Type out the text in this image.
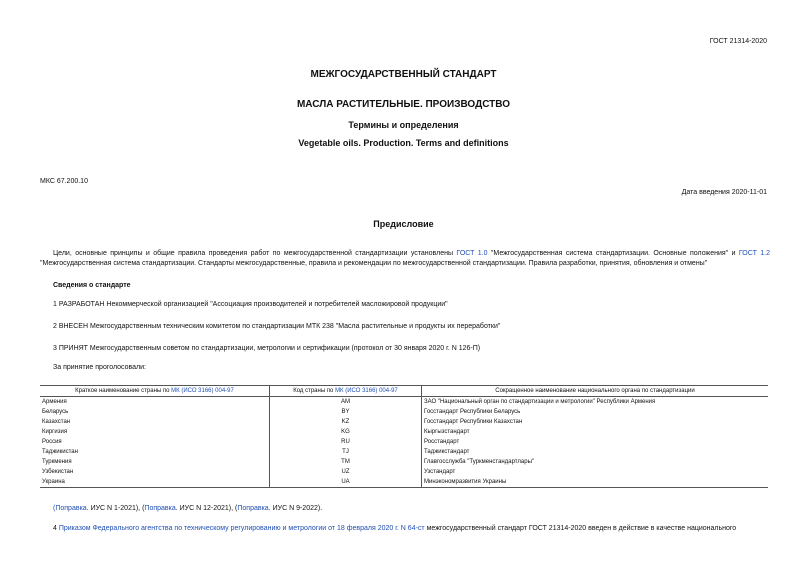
ГОСТ 21314-2020
МЕЖГОСУДАРСТВЕННЫЙ СТАНДАРТ
МАСЛА РАСТИТЕЛЬНЫЕ. ПРОИЗВОДСТВО
Термины и определения
Vegetable oils. Production. Terms and definitions
МКС 67.200.10
Дата введения 2020-11-01
Предисловие
Цели, основные принципы и общие правила проведения работ по межгосударственной стандартизации установлены ГОСТ 1.0 "Межгосударственная система стандартизации. Основные положения" и ГОСТ 1.2 "Межгосударственная система стандартизации. Стандарты межгосударственные, правила и рекомендации по межгосударственной стандартизации. Правила разработки, принятия, обновления и отмены"
Сведения о стандарте
1 РАЗРАБОТАН Некоммерческой организацией "Ассоциация производителей и потребителей масложировой продукции"
2 ВНЕСЕН Межгосударственным техническим комитетом по стандартизации МТК 238 "Масла растительные и продукты их переработки"
3 ПРИНЯТ Межгосударственным советом по стандартизации, метрологии и сертификации (протокол от 30 января 2020 г. N 126-П)
За принятие проголосовали:
Краткое наименование страны по МК (ИСО 3166) 004-97	Код страны по МК (ИСО 3166) 004-97	Сокращенное наименование национального органа по стандартизации
Армения	AM	ЗАО "Национальный орган по стандартизации и метрологии" Республики Армения
Беларусь	BY	Госстандарт Республики Беларусь
Казахстан	KZ	Госстандарт Республики Казахстан
Киргизия	KG	Кыргызстандарт
Россия	RU	Росстандарт
Таджикистан	TJ	Таджикстандарт
Туркмения	TM	Главгосслужба "Туркменстандартлары"
Узбекистан	UZ	Узстандарт
Украина	UA	Минэкономразвития Украины
(Поправка. ИУС N 1-2021), (Поправка. ИУС N 12-2021), (Поправка. ИУС N 9-2022).
4 Приказом Федерального агентства по техническому регулированию и метрологии от 18 февраля 2020 г. N 64-ст межгосударственный стандарт ГОСТ 21314-2020 введен в действие в качестве национального
